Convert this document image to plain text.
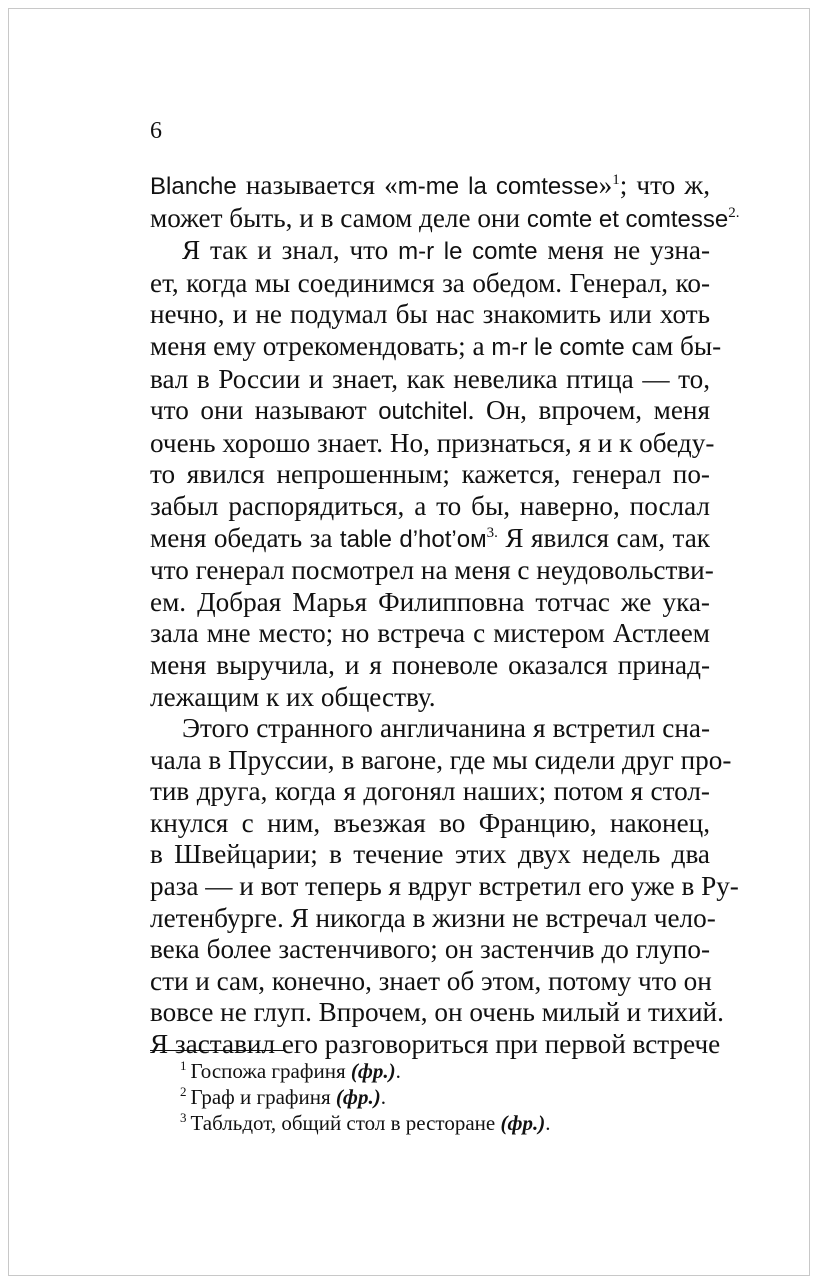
6
Blanche называется «m-me la comtesse»$^1$; что ж,
может быть, и в самом деле они comte et comtesse$^{2.}$
Я так и знал, что m-r le comte меня не узна-
ет, когда мы соединимся за обедом. Генерал, ко-
нечно, и не подумал бы нас знакомить или хоть
меня ему отрекомендовать; а m-r le comte сам бы-
вал в России и знает, как невелика птица — то,
что они называют outchitel. Он, впрочем, меня
очень хорошо знает. Но, признаться, я и к обеду-
то явился непрошенным; кажется, генерал по-
забыл распорядиться, а то бы, наверно, послал
меня обедать за table $d’hot’ом^{3.}$ Я явился сам, так
что генерал посмотрел на меня с неудовольстви-
ем. Добрая Марья Филипповна тотчас же ука-
зала мне место; но встреча с мистером Астлеем
меня выручила, и я поневоле оказался принад-
лежащим к их обществу.
Этого странного англичанина я встретил сна-
чала в Пруссии, в вагоне, где мы сидели друг про-
тив друга, когда я догонял наших; потом я стол-
кнулся с ним, въезжая во Францию, наконец,
в Швейцарии; в течение этих двух недель два
раза — и вот теперь я вдруг встретил его уже в Ру-
летенбурге. Я никогда в жизни не встречал чело-
века более застенчивого; он застенчив до глупо-
сти и сам, конечно, знает об этом, потому что он
вовсе не глуп. Впрочем, он очень милый и тихий.
Я заставил его разговориться при первой встрече
$^1$ Госпожа графиня (фр.).
$^2$ Граф и графиня (фр.).
$^3$ Табльдот, общий стол в ресторане (фр.).
